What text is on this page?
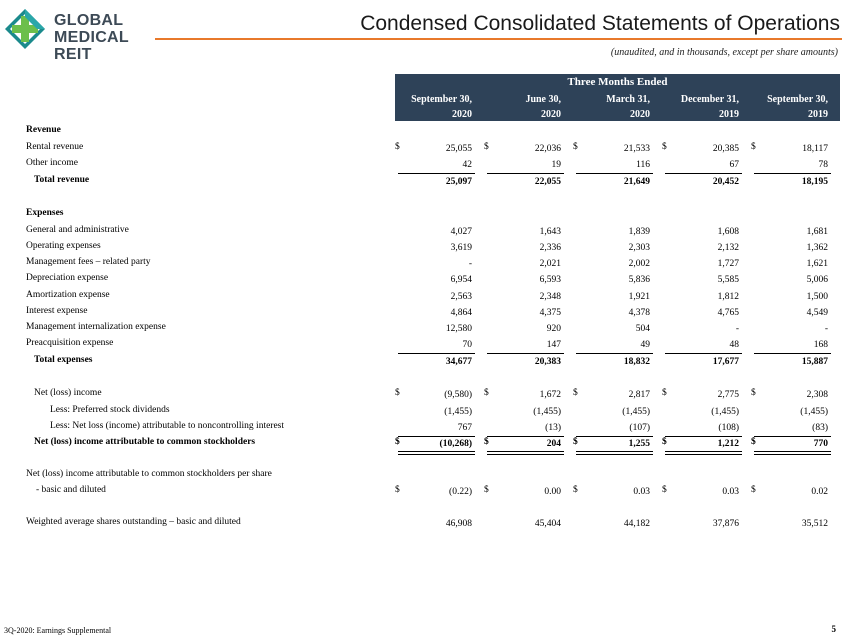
GLOBAL
MEDICAL REIT
Condensed Consolidated Statements of Operations
(unaudited, and in thousands, except per share amounts)
Three Months Ended
September 30,
2020
June 30,
2020
March 31,
2020
December 31,
2019
September 30,
2019
Revenue
Rental revenue	$	25,055 $	22,036 $	21,533 $	20,385 $	18,117
Other income	42	19	116	67	78
Total revenue	25,097	22,055	21,649	20,452	18,195
Expenses
General and administrative	4,027	1,643	1,839	1,608	1,681
Operating expenses	3,619	2,336	2,303	2,132	1,362
Management fees – related party	-	2,021	2,002	1,727	1,621
Depreciation expense	6,954	6,593	5,836	5,585	5,006
Amortization expense	2,563	2,348	1,921	1,812	1,500
Interest expense	4,864	4,375	4,378	4,765	4,549
Management internalization expense	12,580	920	504	-	-
Preacquisition expense	70	147	49	48	168
Total expenses	34,677	20,383	18,832	17,677	15,887
Net (loss) income	$	(9,580) $	1,672 $	2,817 $	2,775 $	2,308
Less: Preferred stock dividends	(1,455)	(1,455)	(1,455)	(1,455)	(1,455)
Less: Net loss (income) attributable to noncontrolling interest	767	(13)	(107)	(108)	(83)
Net (loss) income attributable to common stockholders	$	(10,268) $	204 $	1,255 $	1,212 $	770
Net (loss) income attributable to common stockholders per share
- basic and diluted	$	(0.22) $	0.00 $	0.03 $	0.03 $	0.02
Weighted average shares outstanding – basic and diluted	46,908	45,404	44,182	37,876	35,512
3Q-2020: Earnings Supplemental	5
